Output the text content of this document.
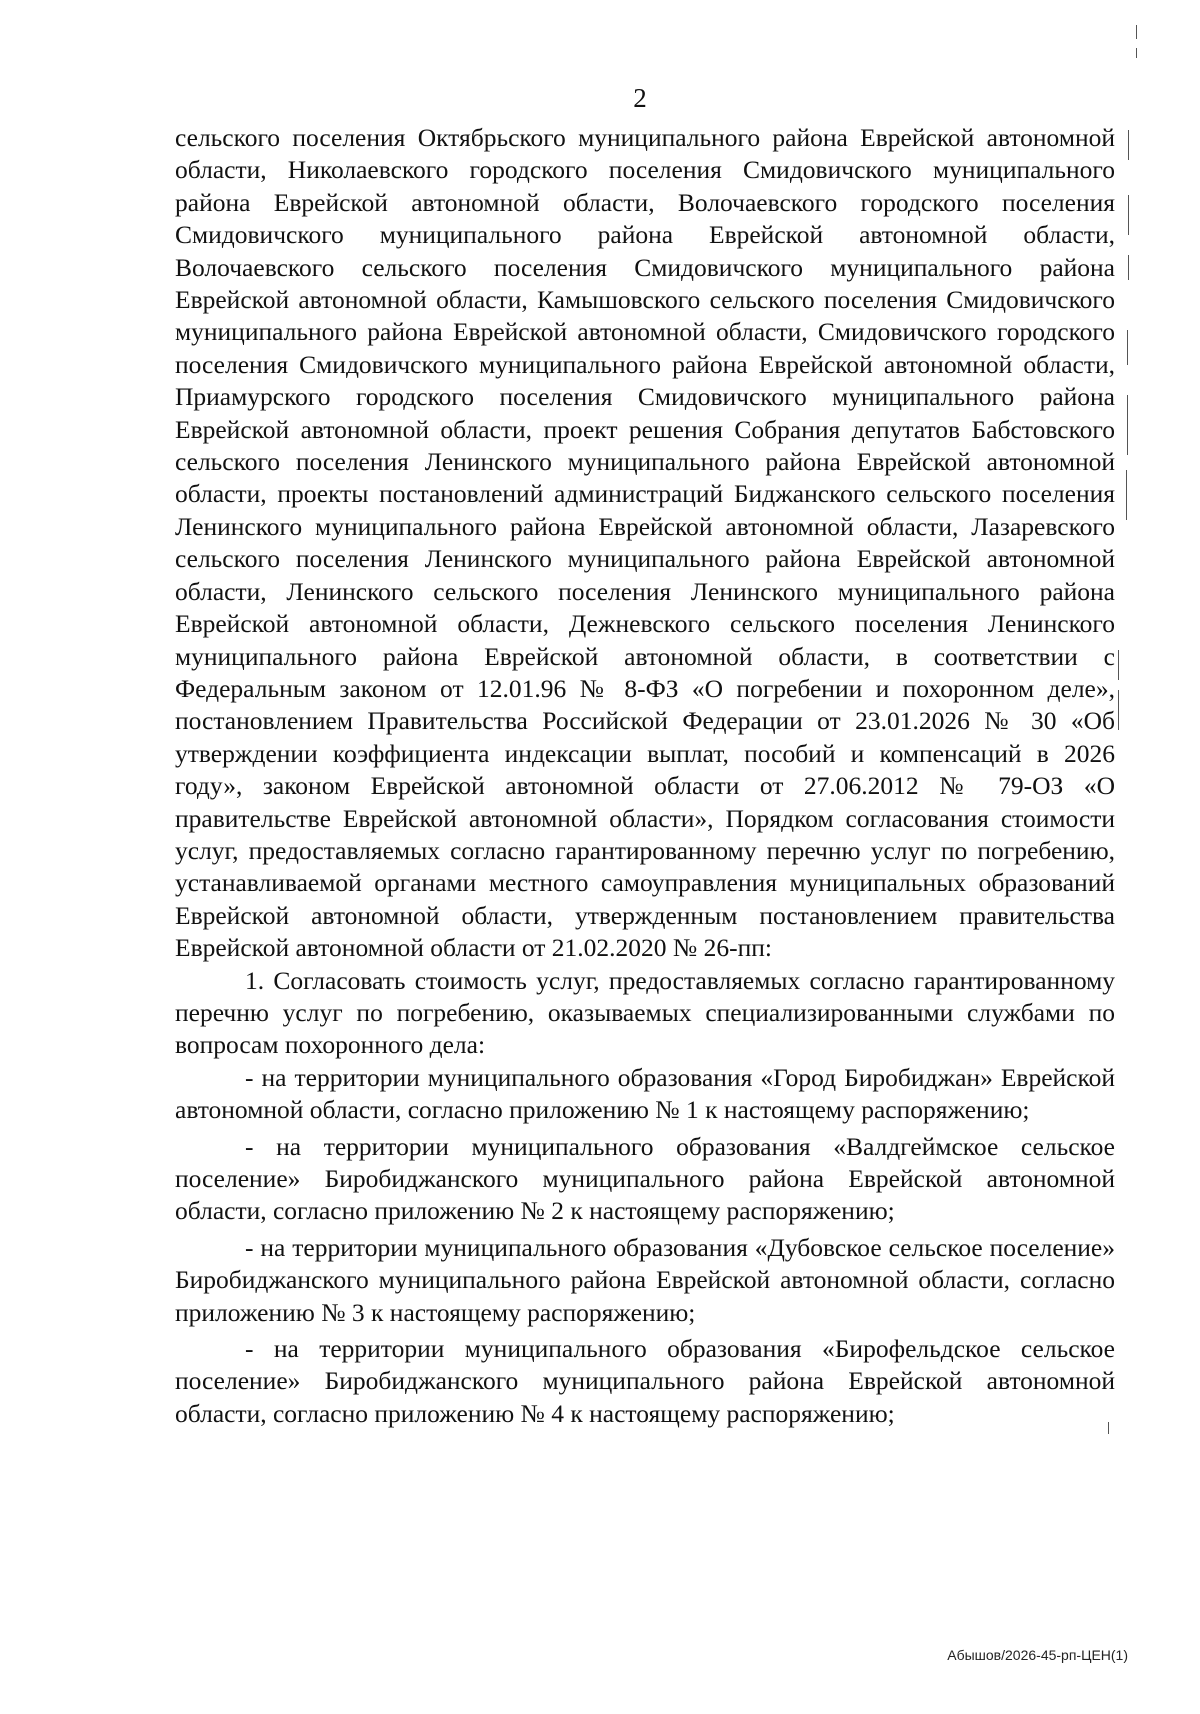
2

сельского поселения Октябрьского муниципального района Еврейской автономной области, Николаевского городского поселения Смидовичского муниципального района Еврейской автономной области, Волочаевского городского поселения Смидовичского муниципального района Еврейской автономной области, Волочаевского сельского поселения Смидовичского муниципального района Еврейской автономной области, Камышовского сельского поселения Смидовичского муниципального района Еврейской автономной области, Смидовичского городского поселения Смидовичского муниципального района Еврейской автономной области, Приамурского городского поселения Смидовичского муниципального района Еврейской автономной области, проект решения Собрания депутатов Бабстовского сельского поселения Ленинского муниципального района Еврейской автономной области, проекты постановлений администраций Биджанского сельского поселения Ленинского муниципального района Еврейской автономной области, Лазаревского сельского поселения Ленинского муниципального района Еврейской автономной области, Ленинского сельского поселения Ленинского муниципального района Еврейской автономной области, Дежневского сельского поселения Ленинского муниципального района Еврейской автономной области, в соответствии с Федеральным законом от 12.01.96 № 8-ФЗ «О погребении и похоронном деле», постановлением Правительства Российской Федерации от 23.01.2026 № 30 «Об утверждении коэффициента индексации выплат, пособий и компенсаций в 2026 году», законом Еврейской автономной области от 27.06.2012 № 79-ОЗ «О правительстве Еврейской автономной области», Порядком согласования стоимости услуг, предоставляемых согласно гарантированному перечню услуг по погребению, устанавливаемой органами местного самоуправления муниципальных образований Еврейской автономной области, утвержденным постановлением правительства Еврейской автономной области от 21.02.2020 № 26-пп:

1. Согласовать стоимость услуг, предоставляемых согласно гарантированному перечню услуг по погребению, оказываемых специализированными службами по вопросам похоронного дела:

- на территории муниципального образования «Город Биробиджан» Еврейской автономной области, согласно приложению № 1 к настоящему распоряжению;

- на территории муниципального образования «Валдгеймское сельское поселение» Биробиджанского муниципального района Еврейской автономной области, согласно приложению № 2 к настоящему распоряжению;

- на территории муниципального образования «Дубовское сельское поселение» Биробиджанского муниципального района Еврейской автономной области, согласно приложению № 3 к настоящему распоряжению;

- на территории муниципального образования «Бирофельдское сельское поселение» Биробиджанского муниципального района Еврейской автономной области, согласно приложению № 4 к настоящему распоряжению;

Абышов/2026-45-рп-ЦЕН(1)
